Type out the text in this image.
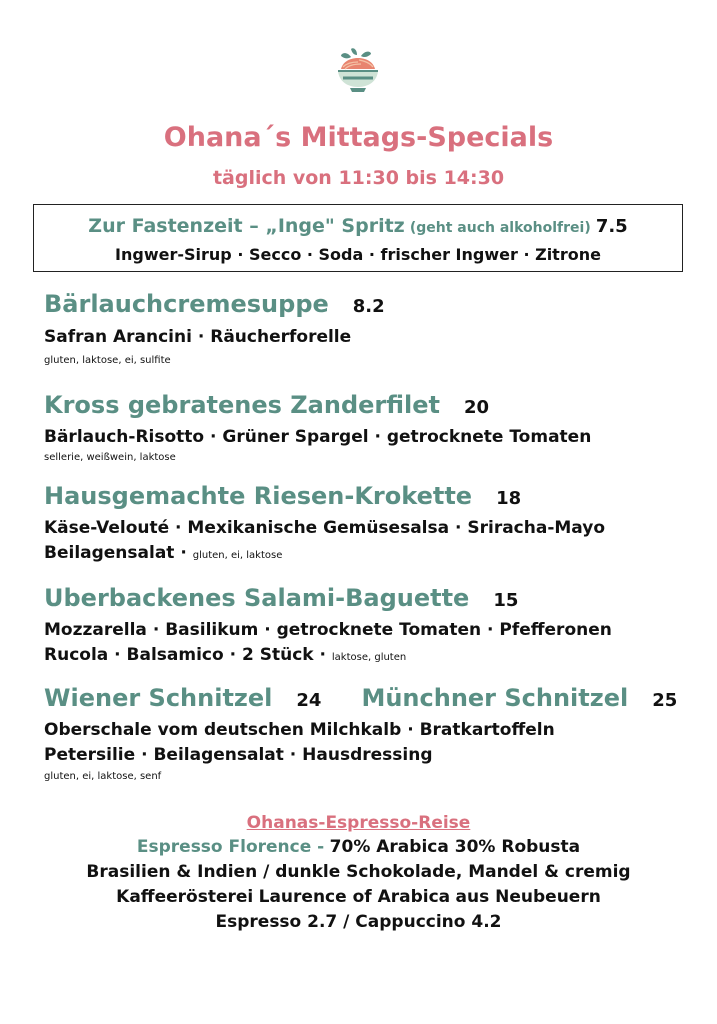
Ohana´s Mittags-Specials
täglich von 11:30 bis 14:30
Zur Fastenzeit – „Inge" Spritz (geht auch alkoholfrei) 7.5
Ingwer-Sirup · Secco · Soda · frischer Ingwer · Zitrone
Bärlauchcremesuppe 8.2
Safran Arancini · Räucherforelle
gluten, laktose, ei, sulfite
Kross gebratenes Zanderfilet 20
Bärlauch-Risotto · Grüner Spargel · getrocknete Tomaten
sellerie, weißwein, laktose
Hausgemachte Riesen-Krokette 18
Käse-Velouté · Mexikanische Gemüsesalsa · Sriracha-Mayo
Beilagensalat · gluten, ei, laktose
Uberbackenes Salami-Baguette 15
Mozzarella · Basilikum · getrocknete Tomaten · Pfefferonen
Rucola · Balsamico · 2 Stück · laktose, gluten
Wiener Schnitzel 24 Münchner Schnitzel 25
Oberschale vom deutschen Milchkalb · Bratkartoffeln
Petersilie · Beilagensalat · Hausdressing
gluten, ei, laktose, senf
Ohanas-Espresso-Reise
Espresso Florence - 70% Arabica 30% Robusta
Brasilien & Indien / dunkle Schokolade, Mandel & cremig
Kaffeerösterei Laurence of Arabica aus Neubeuern
Espresso 2.7 / Cappuccino 4.2
